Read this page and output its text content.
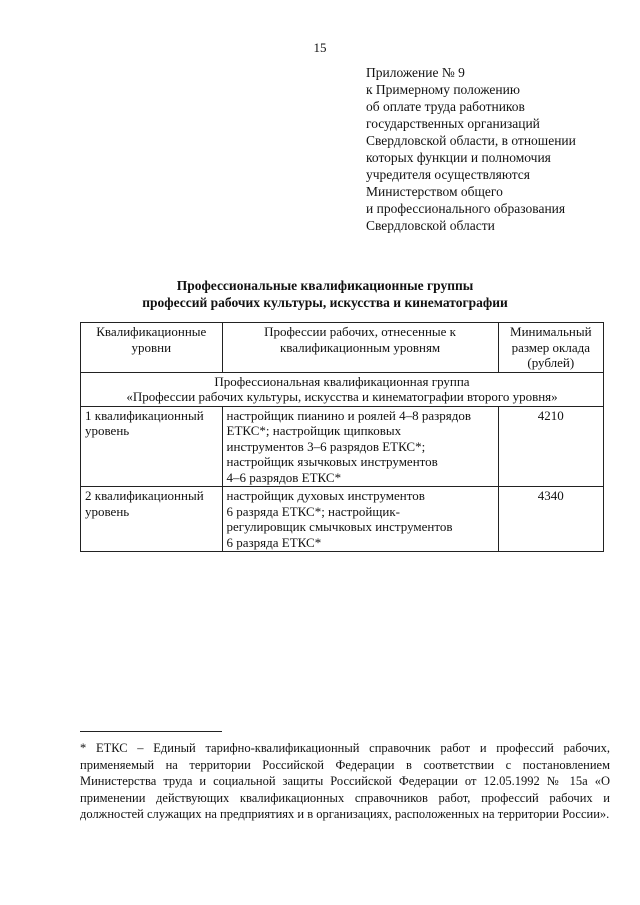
15
Приложение № 9
к Примерному положению
об оплате труда работников
государственных организаций
Свердловской области, в отношении
которых функции и полномочия
учредителя осуществляются
Министерством общего
и профессионального образования
Свердловской области
Профессиональные квалификационные группы
профессий рабочих культуры, искусства и кинематографии
Квалификационные уровни	Профессии рабочих, отнесенные к квалификационным уровням	Минимальный размер оклада (рублей)

Профессиональная квалификационная группа
«Профессии рабочих культуры, искусства и кинематографии второго уровня»		

1 квалификационный уровень	настройщик пианино и роялей 4–8 разрядов
ЕТКС*; настройщик щипковых
инструментов 3–6 разрядов ЕТКС*;
настройщик язычковых инструментов
4–6 разрядов ЕТКС*	4210
2 квалификационный уровень	настройщик духовых инструментов
6 разряда ЕТКС*; настройщик-
регулировщик смычковых инструментов
6 разряда ЕТКС*	4340
* ЕТКС – Единый тарифно-квалификационный справочник работ и профессий рабочих, применяемый на территории Российской Федерации в соответствии с постановлением Министерства труда и социальной защиты Российской Федерации от 12.05.1992 № 15а «О применении действующих квалификационных справочников работ, профессий рабочих и должностей служащих на предприятиях и в организациях, расположенных на территории России».
